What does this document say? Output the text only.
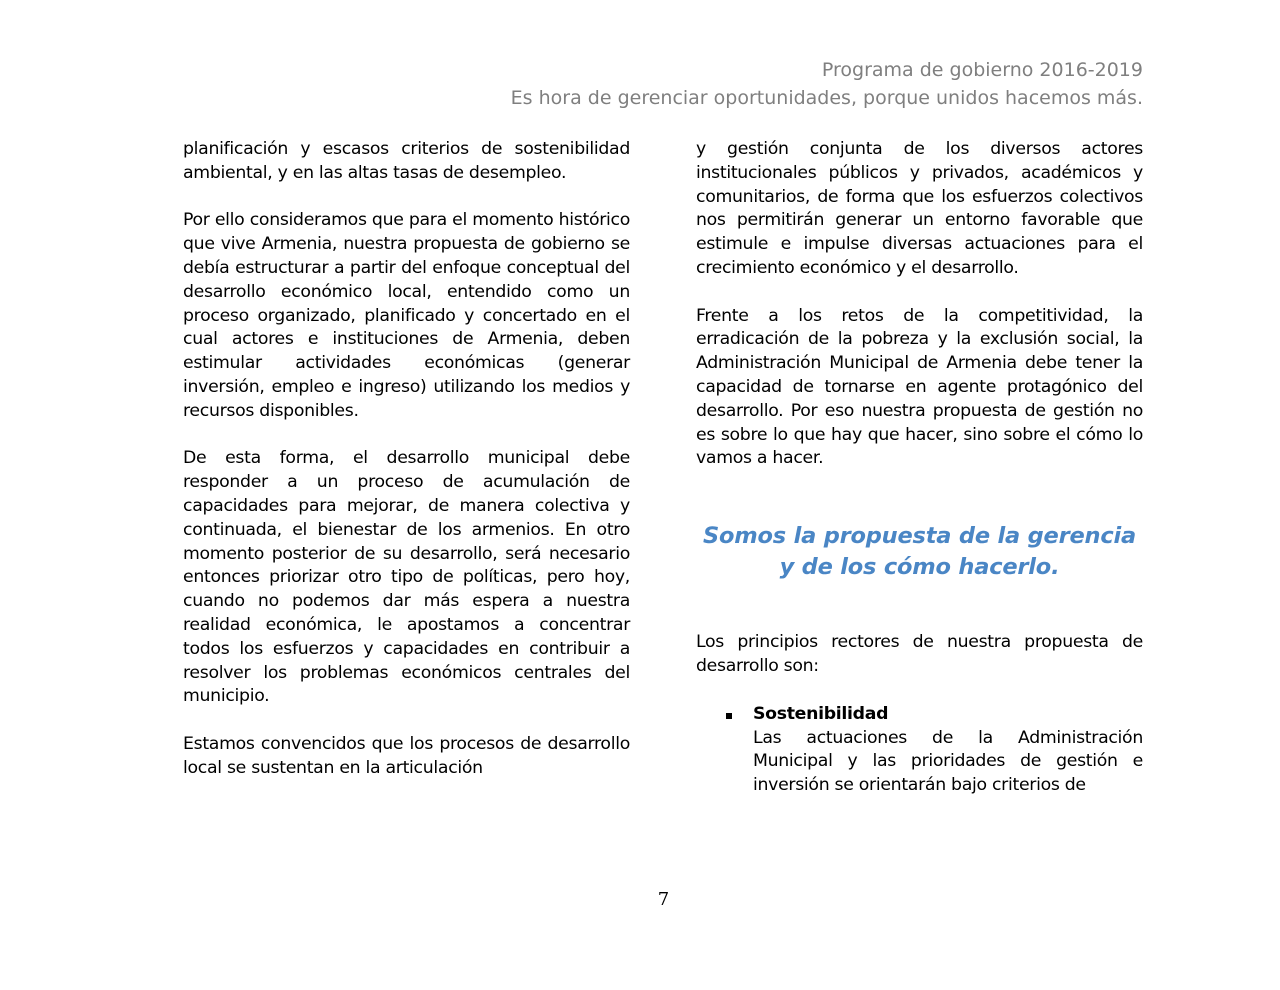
Programa de gobierno 2016-2019
Es hora de gerenciar oportunidades, porque unidos hacemos más.

planificación y escasos criterios de sostenibilidad ambiental, y en las altas tasas de desempleo.

Por ello consideramos que para el momento histórico que vive Armenia, nuestra propuesta de gobierno se debía estructurar a partir del enfoque conceptual del desarrollo económico local, entendido como un proceso organizado, planificado y concertado en el cual actores e instituciones de Armenia, deben estimular actividades económicas (generar inversión, empleo e ingreso) utilizando los medios y recursos disponibles.

De esta forma, el desarrollo municipal debe responder a un proceso de acumulación de capacidades para mejorar, de manera colectiva y continuada, el bienestar de los armenios. En otro momento posterior de su desarrollo, será necesario entonces priorizar otro tipo de políticas, pero hoy, cuando no podemos dar más espera a nuestra realidad económica, le apostamos a concentrar todos los esfuerzos y capacidades en contribuir a resolver los problemas económicos centrales del municipio.

Estamos convencidos que los procesos de desarrollo local se sustentan en la articulación

y gestión conjunta de los diversos actores institucionales públicos y privados, académicos y comunitarios, de forma que los esfuerzos colectivos nos permitirán generar un entorno favorable que estimule e impulse diversas actuaciones para el crecimiento económico y el desarrollo.

Frente a los retos de la competitividad, la erradicación de la pobreza y la exclusión social, la Administración Municipal de Armenia debe tener la capacidad de tornarse en agente protagónico del desarrollo. Por eso nuestra propuesta de gestión no es sobre lo que hay que hacer, sino sobre el cómo lo vamos a hacer.

Somos la propuesta de la gerencia
y de los cómo hacerlo.

Los principios rectores de nuestra propuesta de desarrollo son:

Sostenibilidad
Las actuaciones de la Administración Municipal y las prioridades de gestión e inversión se orientarán bajo criterios de
7
